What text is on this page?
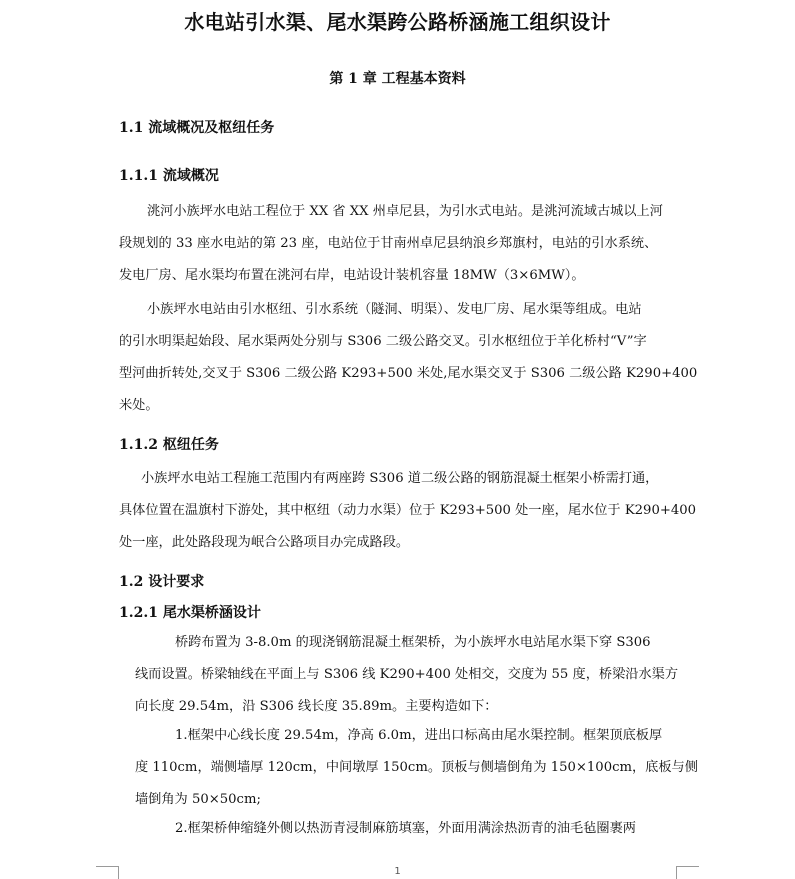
水电站引水渠、尾水渠跨公路桥涵施工组织设计
第 1 章 工程基本资料
1.1 流域概况及枢纽任务
1.1.1 流域概况
洮河小族坪水电站工程位于 XX 省 XX 州卓尼县，为引水式电站。是洮河流域古城以上河
段规划的 33 座水电站的第 23 座，电站位于甘南州卓尼县纳浪乡郑旗村，电站的引水系统、
发电厂房、尾水渠均布置在洮河右岸，电站设计装机容量 18MW（3×6MW）。
小族坪水电站由引水枢纽、引水系统（隧洞、明渠）、发电厂房、尾水渠等组成。电站
的引水明渠起始段、尾水渠两处分别与 S306 二级公路交叉。引水枢纽位于羊化桥村“V”字
型河曲折转处,交叉于 S306 二级公路 K293+500 米处,尾水渠交叉于 S306 二级公路 K290+400
米处。
1.1.2 枢纽任务
小族坪水电站工程施工范围内有两座跨 S306 道二级公路的钢筋混凝土框架小桥需打通，
具体位置在温旗村下游处，其中枢纽（动力水渠）位于 K293+500 处一座，尾水位于 K290+400
处一座，此处路段现为岷合公路项目办完成路段。
1.2 设计要求
1.2.1 尾水渠桥涵设计
桥跨布置为 3-8.0m 的现浇钢筋混凝土框架桥，为小族坪水电站尾水渠下穿 S306
线而设置。桥梁轴线在平面上与 S306 线 K290+400 处相交，交度为 55 度，桥梁沿水渠方
向长度 29.54m，沿 S306 线长度 35.89m。主要构造如下：
1.框架中心线长度 29.54m，净高 6.0m，进出口标高由尾水渠控制。框架顶底板厚
度 110cm，端侧墙厚 120cm，中间墩厚 150cm。顶板与侧墙倒角为 150×100cm，底板与侧
墙倒角为 50×50cm;
2.框架桥伸缩缝外侧以热沥青浸制麻筋填塞，外面用满涂热沥青的油毛毡圈裹两
1
